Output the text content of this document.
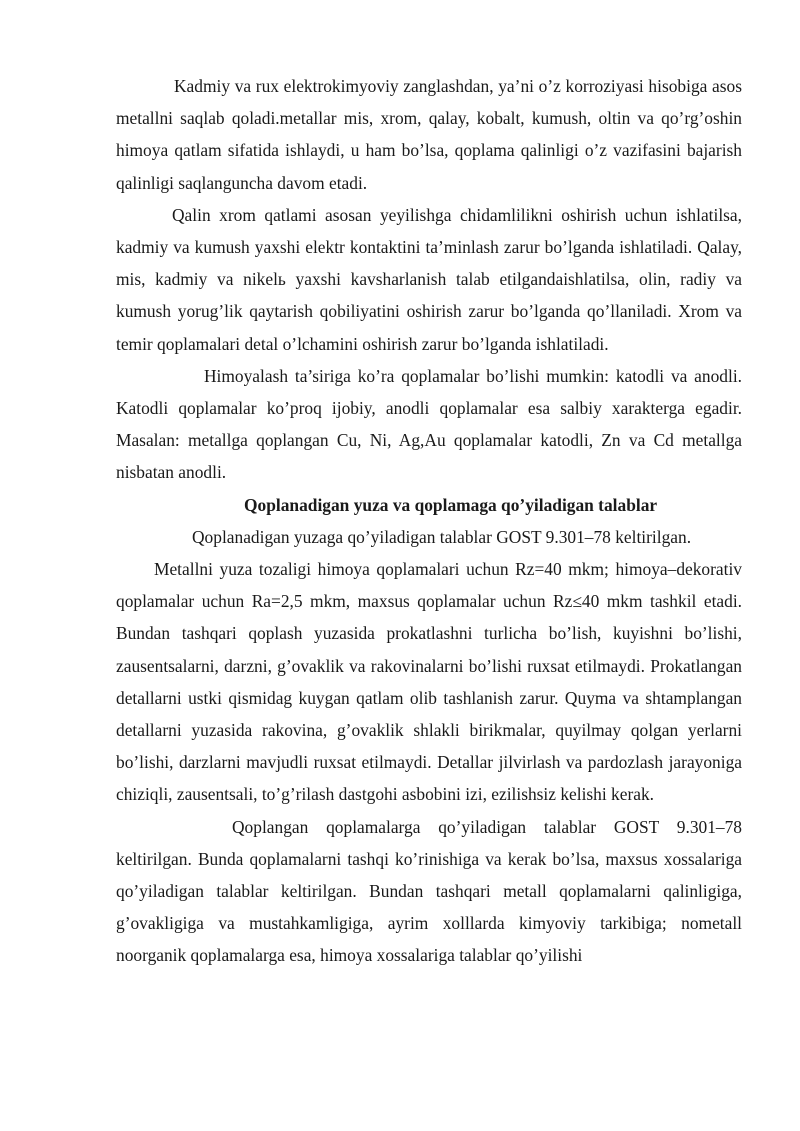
Kadmiy va rux elektrokimyoviy zanglashdan, ya’ni o’z korroziyasi hisobiga asos metallni saqlab qoladi.metallar mis, xrom, qalay, kobalt, kumush, oltin va qo’rg’oshin himoya qatlam sifatida ishlaydi, u ham bo’lsa, qoplama qalinligi o’z vazifasini bajarish qalinligi saqlanguncha davom etadi.

Qalin xrom qatlami asosan yeyilishga chidamlilikni oshirish uchun ishlatilsa, kadmiy va kumush yaxshi elektr kontaktini ta’minlash zarur bo’lganda ishlatiladi. Qalay, mis, kadmiy va nikelь yaxshi kavsharlanish talab etilgandaishlatilsa, olin, radiy va kumush yorug’lik qaytarish qobiliyatini oshirish zarur bo’lganda qo’llaniladi. Xrom va temir qoplamalari detal o’lchamini oshirish zarur bo’lganda ishlatiladi.

Himoyalash ta’siriga ko’ra qoplamalar bo’lishi mumkin: katodli va anodli. Katodli qoplamalar ko’proq ijobiy, anodli qoplamalar esa salbiy xarakterga egadir. Masalan: metallga qoplangan Cu, Ni, Ag,Au qoplamalar katodli, Zn va Cd metallga nisbatan anodli.

Qoplanadigan yuza va qoplamaga qo’yiladigan talablar

Qoplanadigan yuzaga qo’yiladigan talablar GOST 9.301–78 keltirilgan.

Metallni yuza tozaligi himoya qoplamalari uchun Rz=40 mkm; himoya–dekorativ qoplamalar uchun Ra=2,5 mkm, maxsus qoplamalar uchun Rz≤40 mkm tashkil etadi. Bundan tashqari qoplash yuzasida prokatlashni turlicha bo’lish, kuyishni bo’lishi, zausentsalarni, darzni, g’ovaklik va rakovinalarni bo’lishi ruxsat etilmaydi. Prokatlangan detallarni ustki qismidag kuygan qatlam olib tashlanish zarur. Quyma va shtamplangan detallarni yuzasida rakovina, g’ovaklik shlakli birikmalar, quyilmay qolgan yerlarni bo’lishi, darzlarni mavjudli ruxsat etilmaydi. Detallar jilvirlash va pardozlash jarayoniga chiziqli, zausentsali, to’g’rilash dastgohi asbobini izi, ezilishsiz kelishi kerak.

Qoplangan qoplamalarga qo’yiladigan talablar GOST 9.301–78 keltirilgan. Bunda qoplamalarni tashqi ko’rinishiga va kerak bo’lsa, maxsus xossalariga qo’yiladigan talablar keltirilgan. Bundan tashqari metall qoplamalarni qalinligiga, g’ovakligiga va mustahkamligiga, ayrim xolllarda kimyoviy tarkibiga; nometall noorganik qoplamalarga esa, himoya xossalariga talablar qo’yilishi
